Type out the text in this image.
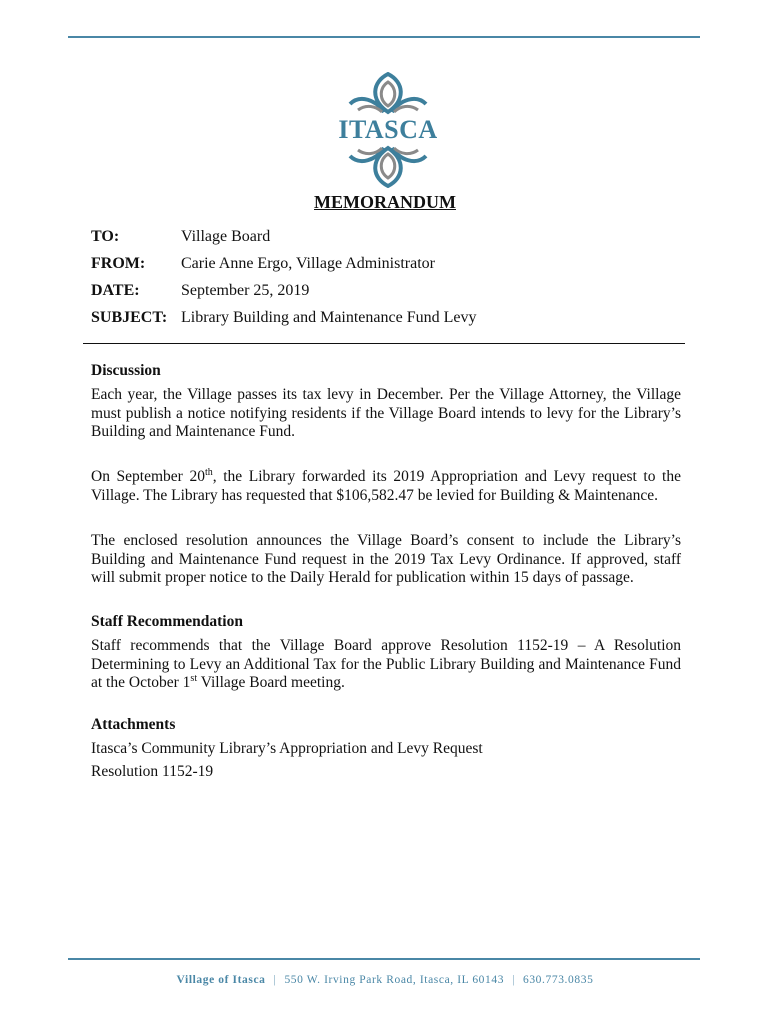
ITASCA
MEMORANDUM
TO:	Village Board
FROM: Carie Anne Ergo, Village Administrator
DATE:	September 25, 2019
SUBJECT: Library Building and Maintenance Fund Levy
Discussion
Each year, the Village passes its tax levy in December. Per the Village Attorney, the Village must publish a notice notifying residents if the Village Board intends to levy for the Library’s Building and Maintenance Fund.
On September 20th, the Library forwarded its 2019 Appropriation and Levy request to the Village. The Library has requested that $106,582.47 be levied for Building & Maintenance.
The enclosed resolution announces the Village Board’s consent to include the Library’s Building and Maintenance Fund request in the 2019 Tax Levy Ordinance. If approved, staff will submit proper notice to the Daily Herald for publication within 15 days of passage.
Staff Recommendation
Staff recommends that the Village Board approve Resolution 1152-19 – A Resolution Determining to Levy an Additional Tax for the Public Library Building and Maintenance Fund at the October 1st Village Board meeting.
Attachments
Itasca’s Community Library’s Appropriation and Levy Request
Resolution 1152-19
Village of Itasca | 550 W. Irving Park Road, Itasca, IL 60143 | 630.773.0835
